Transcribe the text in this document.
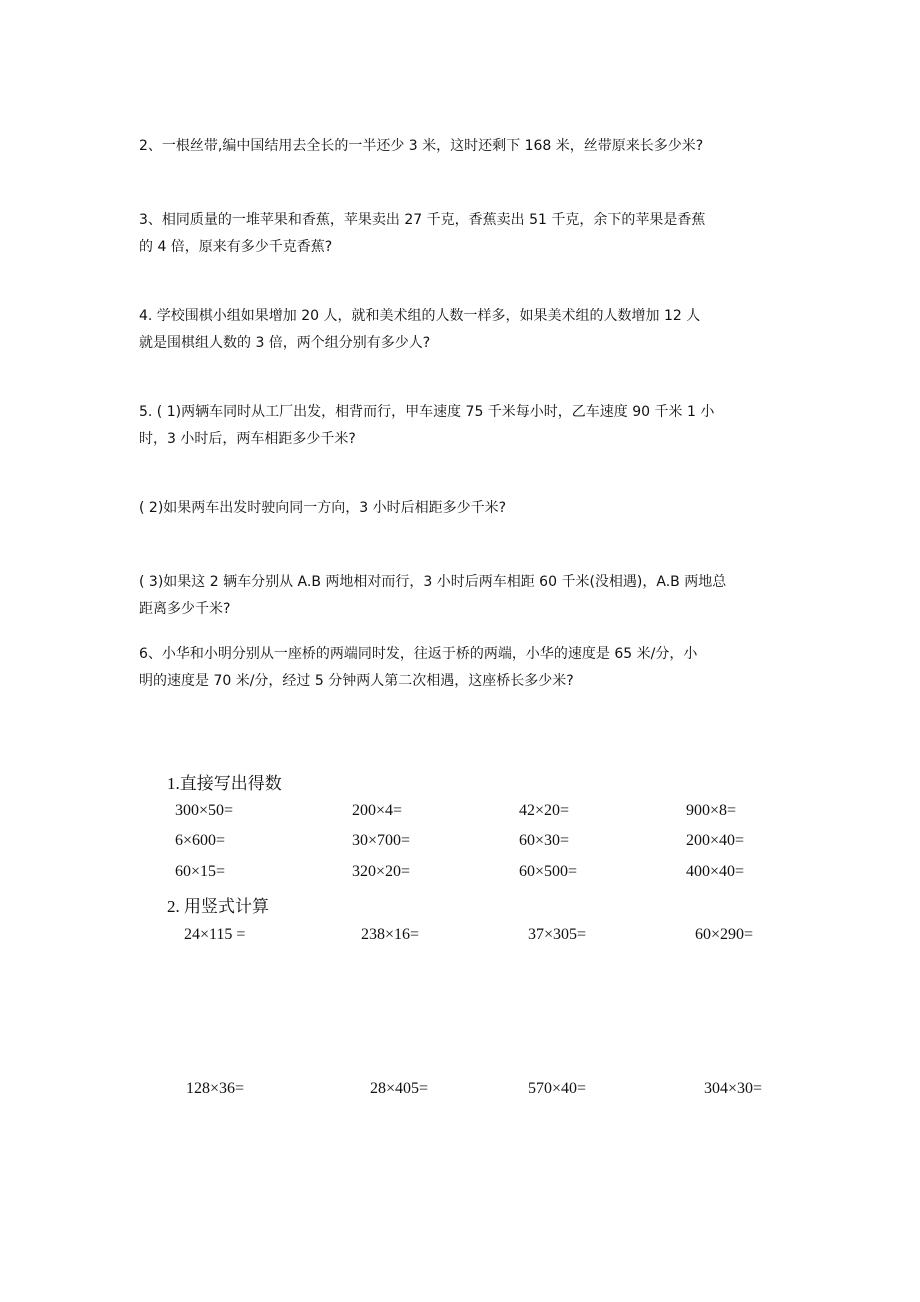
2、一根丝带,编中国结用去全长的一半还少 3 米，这时还剩下 168 米，丝带原来长多少米?
3、相同质量的一堆苹果和香蕉，苹果卖出 27 千克，香蕉卖出 51 千克，余下的苹果是香蕉
的 4 倍，原来有多少千克香蕉?
4. 学校围棋小组如果增加 20 人，就和美术组的人数一样多，如果美术组的人数增加 12 人
就是围棋组人数的 3 倍，两个组分别有多少人?
5. ( 1)两辆车同时从工厂出发，相背而行，甲车速度 75 千米每小时，乙车速度 90 千米 1 小
时，3 小时后，两车相距多少千米?
( 2)如果两车出发时驶向同一方向，3 小时后相距多少千米?
( 3)如果这 2 辆车分别从 A.B 两地相对而行，3 小时后两车相距 60 千米(没相遇)，A.B 两地总
距离多少千米?
6、小华和小明分别从一座桥的两端同时发，往返于桥的两端，小华的速度是 65 米/分，小
明的速度是 70 米/分，经过 5 分钟两人第二次相遇，这座桥长多少米?
1.直接写出得数
300×50=	200×4=	42×20=	900×8=
6×600=	30×700=	60×30=	200×40=
60×15=	320×20=	60×500=	400×40=
2. 用竖式计算
24×115 =	238×16=	37×305=	60×290=
128×36=	28×405=	570×40=	304×30=
